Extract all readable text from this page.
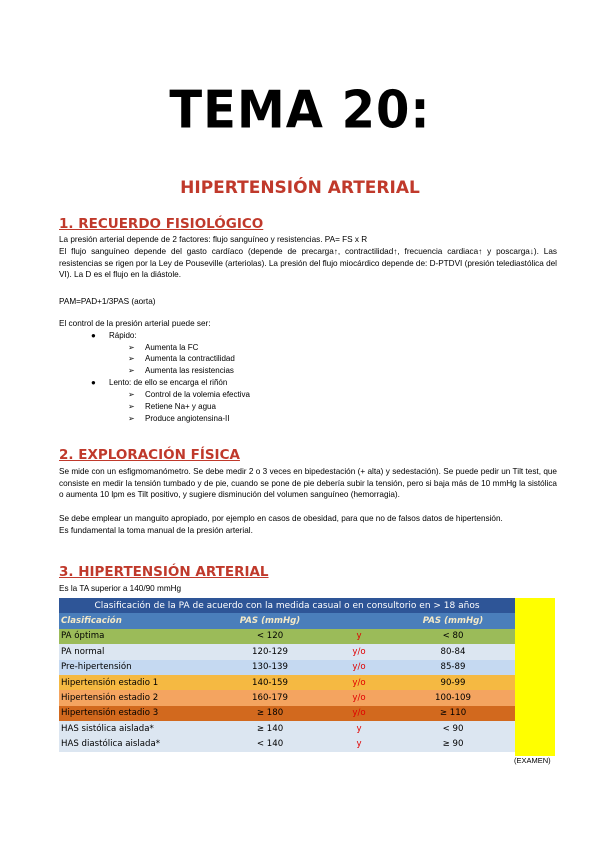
TEMA 20:
HIPERTENSIÓN ARTERIAL
1. RECUERDO FISIOLÓGICO
La presión arterial depende de 2 factores: flujo sanguíneo y resistencias. PA= FS x R
El flujo sanguíneo depende del gasto cardíaco (depende de precarga↑, contractilidad↑, frecuencia cardiaca↑ y poscarga↓). Las resistencias se rigen por la Ley de Pouseville (arteriolas). La presión del flujo miocárdico depende de: D-PTDVI (presión telediastólica del VI). La D es el flujo en la diástole.
PAM=PAD+1/3PAS (aorta)
El control de la presión arterial puede ser:
● Rápido:
➢ Aumenta la FC
➢ Aumenta la contractilidad
➢ Aumenta las resistencias
● Lento: de ello se encarga el riñón
➢ Control de la volemia efectiva
➢ Retiene Na+ y agua
➢ Produce angiotensina-II
2. EXPLORACIÓN FÍSICA
Se mide con un esfigmomanómetro. Se debe medir 2 o 3 veces en bipedestación (+ alta) y sedestación). Se puede pedir un Tilt test, que consiste en medir la tensión tumbado y de pie, cuando se pone de pie debería subir la tensión, pero si baja más de 10 mmHg la sistólica o aumenta 10 lpm es Tilt positivo, y sugiere disminución del volumen sanguíneo (hemorragia).
Se debe emplear un manguito apropiado, por ejemplo en casos de obesidad, para que no de falsos datos de hipertensión.
Es fundamental la toma manual de la presión arterial.
3. HIPERTENSIÓN ARTERIAL
Es la TA superior a 140/90 mmHg
Clasificación de la PA de acuerdo con la medida casual o en consultorio en > 18 años			
Clasificación	PAS (mmHg)		PAS (mmHg)
PA óptima	< 120	y	< 80
PA normal	120-129	y/o	80-84
Pre-hipertensión	130-139	y/o	85-89
Hipertensión estadio 1	140-159	y/o	90-99
Hipertensión estadio 2	160-179	y/o	100-109
Hipertensión estadio 3	≥ 180	y/o	≥ 110
HAS sistólica aislada*	≥ 140	y	< 90
HAS diastólica aislada*	< 140	y	≥ 90
(EXAMEN)
